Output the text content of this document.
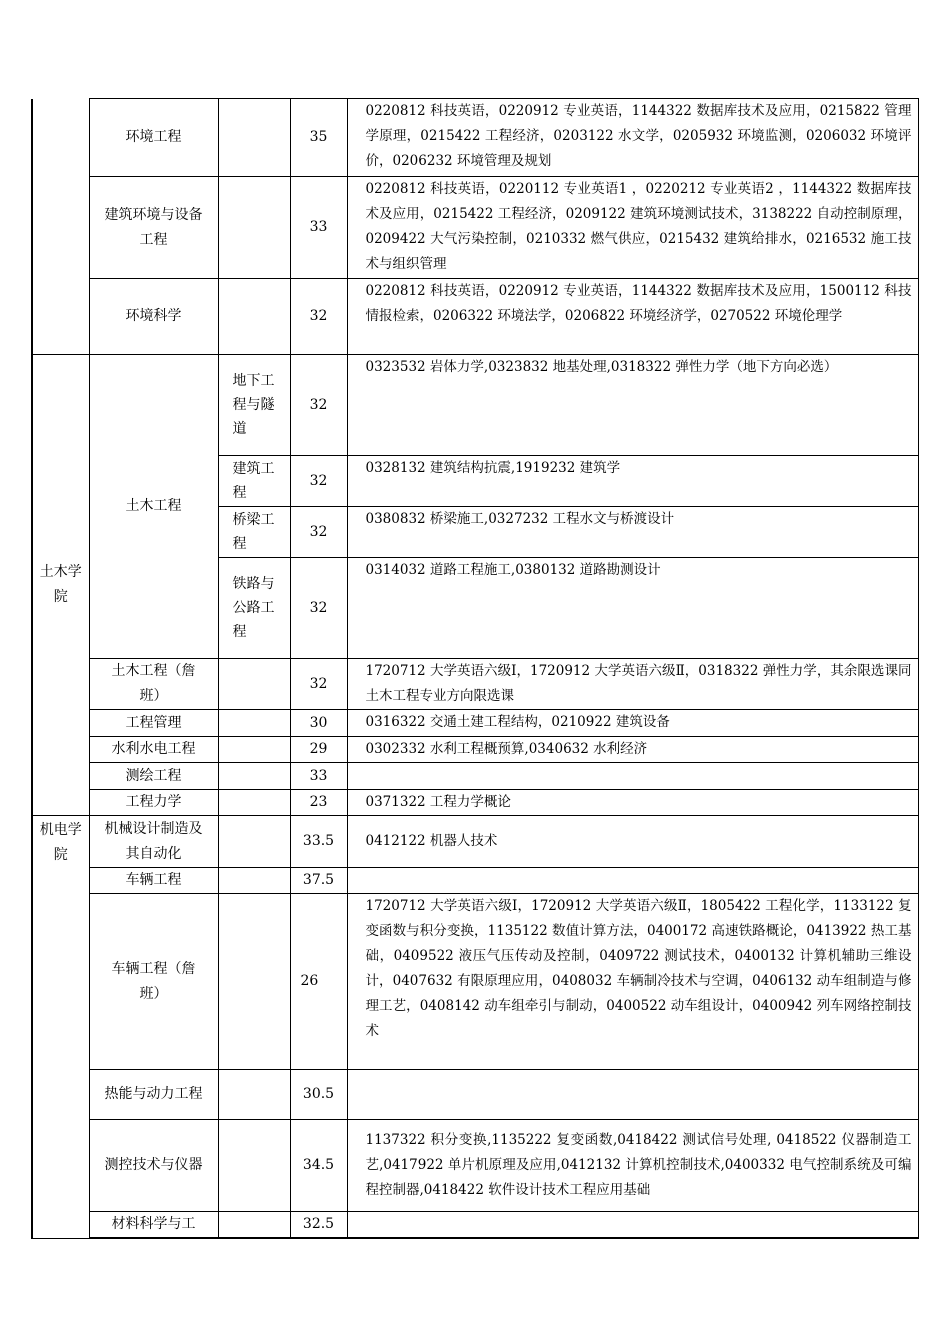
	环境工程		35	0220812 科技英语，0220912 专业英语，1144322 数据库技术及应用，0215822 管理学原理，0215422 工程经济，0203122 水文学，0205932 环境监测，0206032 环境评价，0206232 环境管理及规划
	建筑环境与设备工程		33	0220812 科技英语，0220112 专业英语1 ，0220212 专业英语2 ，1144322 数据库技术及应用，0215422 工程经济，0209122 建筑环境测试技术，3138222 自动控制原理，0209422 大气污染控制，0210332 燃气供应，0215432 建筑给排水，0216532 施工技术与组织管理
	环境科学		32	0220812 科技英语，0220912 专业英语，1144322 数据库技术及应用，1500112 科技情报检索，0206322 环境法学，0206822 环境经济学，0270522 环境伦理学
土木学院	土木工程	地下工程与隧道	32	0323532 岩体力学,0323832 地基处理,0318322 弹性力学（地下方向必选）
		建筑工程	32	0328132 建筑结构抗震,1919232 建筑学
		桥梁工程	32	0380832 桥梁施工,0327232 工程水文与桥渡设计
		铁路与公路工程	32	0314032 道路工程施工,0380132 道路勘测设计
	土木工程（詹班）		32	1720712 大学英语六级Ⅰ，1720912 大学英语六级Ⅱ，0318322 弹性力学，其余限选课同土木工程专业方向限选课
	工程管理		30	0316322 交通土建工程结构，0210922 建筑设备
	水利水电工程		29	0302332 水利工程概预算,0340632 水利经济
	测绘工程		33	
	工程力学		23	0371322 工程力学概论
机电学院	机械设计制造及其自动化		33.5	0412122 机器人技术
	车辆工程		37.5	
	车辆工程（詹班）		26	1720712 大学英语六级Ⅰ，1720912 大学英语六级Ⅱ，1805422 工程化学，1133122 复变函数与积分变换，1135122 数值计算方法，0400172 高速铁路概论，0413922 热工基础，0409522 液压气压传动及控制，0409722 测试技术，0400132 计算机辅助三维设计，0407632 有限原理应用，0408032 车辆制冷技术与空调，0406132 动车组制造与修理工艺，0408142 动车组牵引与制动，0400522 动车组设计，0400942 列车网络控制技术
	热能与动力工程		30.5	
	测控技术与仪器		34.5	1137322 积分变换,1135222 复变函数,0418422 测试信号处理, 0418522 仪器制造工艺,0417922 单片机原理及应用,0412132 计算机控制技术,0400332 电气控制系统及可编程控制器,0418422 软件设计技术工程应用基础
	材料科学与工		32.5	
